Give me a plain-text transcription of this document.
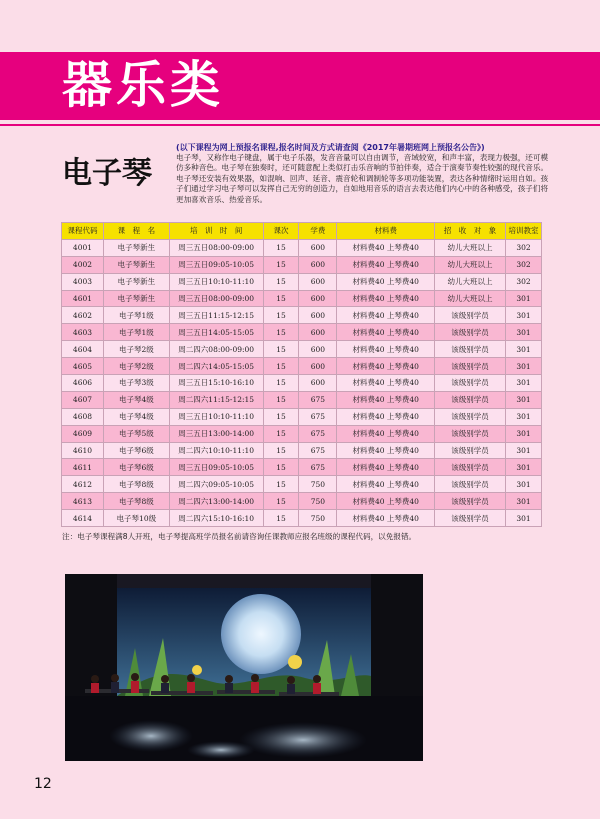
器乐类
电子琴
(以下课程为网上预报名课程,报名时间及方式请查阅《2017年暑期班网上预报名公告》)
电子琴，又称作电子键盘，属于电子乐器，发音音量可以自由调节，音域较宽，和声丰富，表现力极强，还可模仿多种音色。电子琴在独奏时，还可随意配上类似打击乐音响的节拍伴奏，适合于演奏节奏性较强的现代音乐。电子琴还安装有效果器，如混响、回声、延音、震音轮和调制轮等多项功能装置，表达各种情绪时运用自如。孩子们通过学习电子琴可以发挥自己无穷的创造力，自如地用音乐的语言去表达他们内心中的各种感受，孩子们将更加喜欢音乐、热爱音乐。
课程代码	课　程　名	培　训　时　间	课次	学费	材料费	招　收　对　象	培训教室
4001	电子琴新生	周三五日08:00-09:00	15	600	材料费40 上琴费40	幼儿大班以上	302
4002	电子琴新生	周三五日09:05-10:05	15	600	材料费40 上琴费40	幼儿大班以上	302
4003	电子琴新生	周三五日10:10-11:10	15	600	材料费40 上琴费40	幼儿大班以上	302
4601	电子琴新生	周三五日08:00-09:00	15	600	材料费40 上琴费40	幼儿大班以上	301
4602	电子琴1级	周三五日11:15-12:15	15	600	材料费40 上琴费40	该级别学员	301
4603	电子琴1级	周三五日14:05-15:05	15	600	材料费40 上琴费40	该级别学员	301
4604	电子琴2级	周二四六08:00-09:00	15	600	材料费40 上琴费40	该级别学员	301
4605	电子琴2级	周二四六14:05-15:05	15	600	材料费40 上琴费40	该级别学员	301
4606	电子琴3级	周三五日15:10-16:10	15	600	材料费40 上琴费40	该级别学员	301
4607	电子琴4级	周二四六11:15-12:15	15	675	材料费40 上琴费40	该级别学员	301
4608	电子琴4级	周三五日10:10-11:10	15	675	材料费40 上琴费40	该级别学员	301
4609	电子琴5级	周三五日13:00-14:00	15	675	材料费40 上琴费40	该级别学员	301
4610	电子琴6级	周二四六10:10-11:10	15	675	材料费40 上琴费40	该级别学员	301
4611	电子琴6级	周三五日09:05-10:05	15	675	材料费40 上琴费40	该级别学员	301
4612	电子琴8级	周二四六09:05-10:05	15	750	材料费40 上琴费40	该级别学员	301
4613	电子琴8级	周二四六13:00-14:00	15	750	材料费40 上琴费40	该级别学员	301
4614	电子琴10级	周二四六15:10-16:10	15	750	材料费40 上琴费40	该级别学员	301
注：电子琴课程满8人开班，电子琴提高班学员报名前请咨询任课教师应报名班级的课程代码，以免报错。
12
